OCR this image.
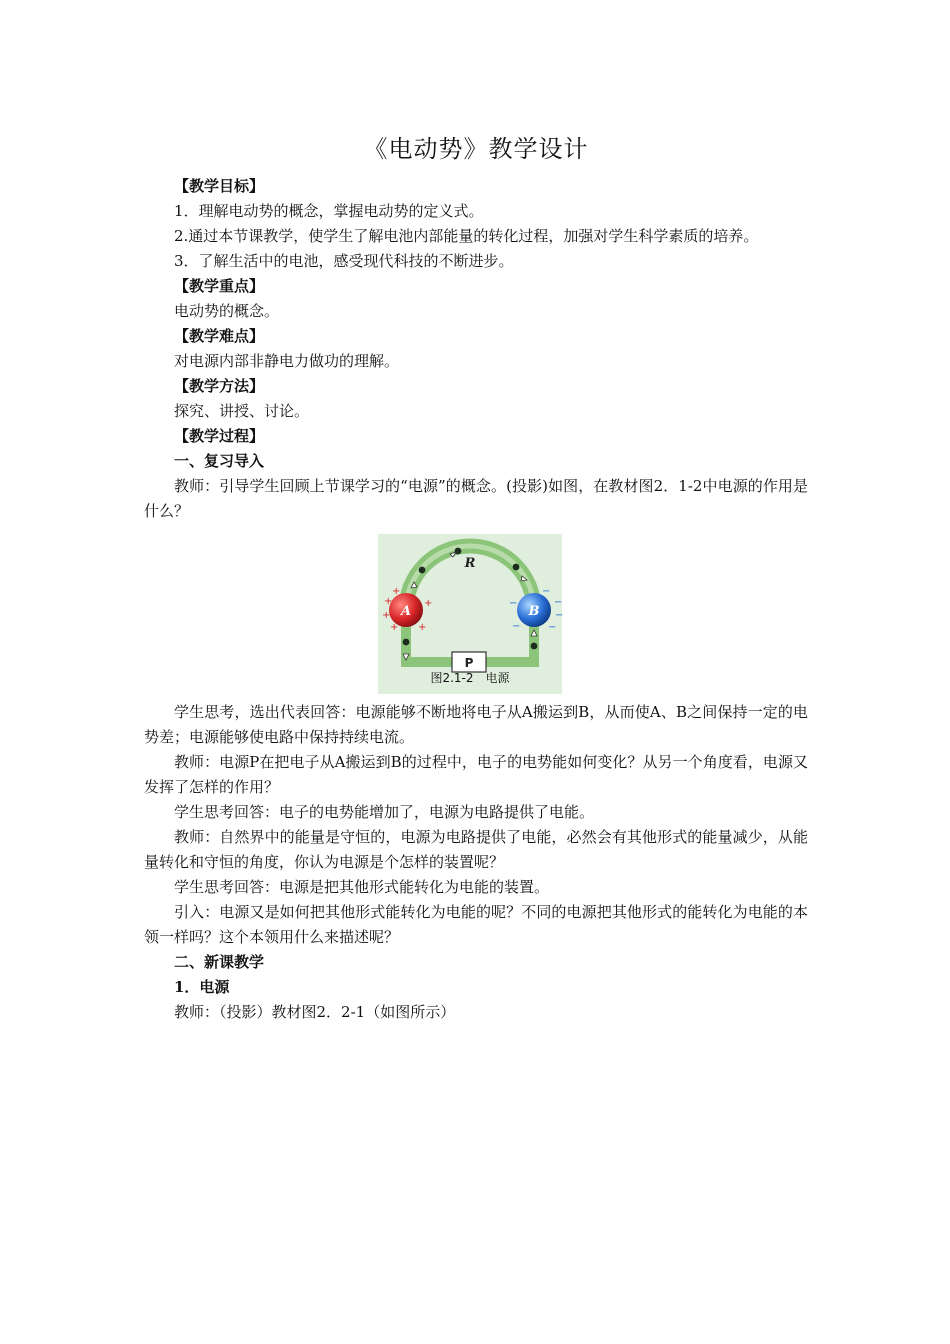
《电动势》教学设计
【教学目标】

1．理解电动势的概念，掌握电动势的定义式。

2.通过本节课教学，使学生了解电池内部能量的转化过程，加强对学生科学素质的培养。

3．了解生活中的电池，感受现代科技的不断进步。

【教学重点】

电动势的概念。

【教学难点】

对电源内部非静电力做功的理解。

【教学方法】

探究、讲授、讨论。

【教学过程】
一、复习导入

教师：引导学生回顾上节课学习的“电源”的概念。(投影)如图，在教材图2．1-2中电源的作用是什么？

R
A
+
+
+ +
+
+
B
−
−
−
−	−
−
P
图2.1-2　电源

学生思考，选出代表回答：电源能够不断地将电子从A搬运到B，从而使A、B之间保持一定的电势差；电源能够使电路中保持持续电流。

教师：电源P在把电子从A搬运到B的过程中，电子的电势能如何变化？从另一个角度看，电源又发挥了怎样的作用？

学生思考回答：电子的电势能增加了，电源为电路提供了电能。

教师：自然界中的能量是守恒的，电源为电路提供了电能，必然会有其他形式的能量减少，从能量转化和守恒的角度，你认为电源是个怎样的装置呢？

学生思考回答：电源是把其他形式能转化为电能的装置。

引入：电源又是如何把其他形式能转化为电能的呢？不同的电源把其他形式的能转化为电能的本领一样吗？这个本领用什么来描述呢？

二、新课教学
1．电源

教师：（投影）教材图2．2-1（如图所示）
